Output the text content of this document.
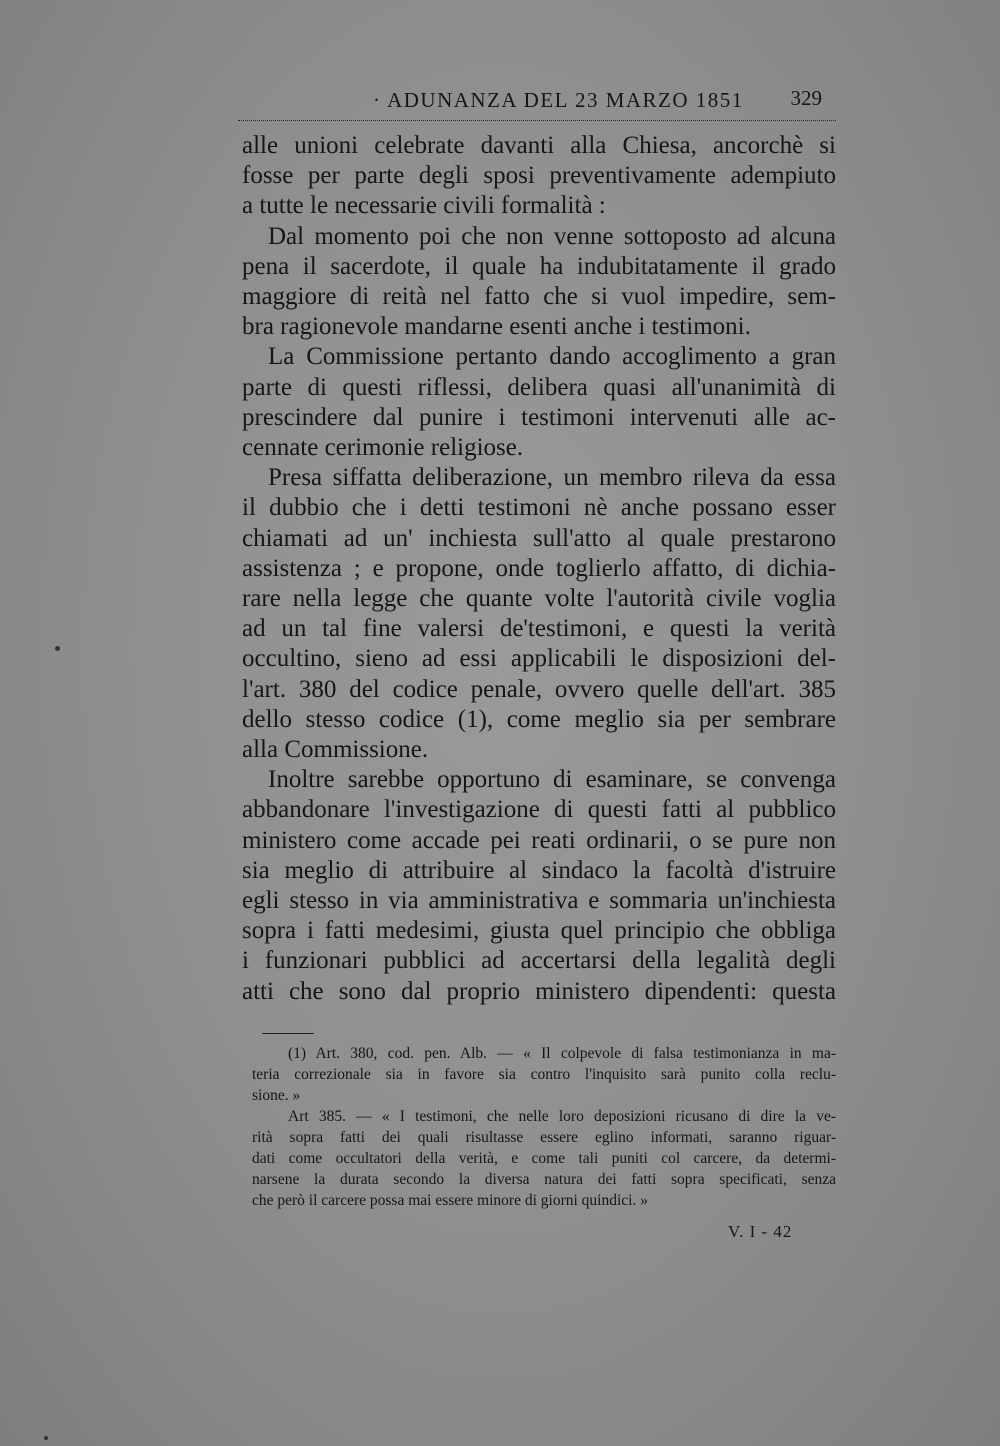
· ADUNANZA DEL 23 MARZO 1851 329
alle unioni celebrate davanti alla Chiesa, ancorchè si
fosse per parte degli sposi preventivamente adempiuto
a tutte le necessarie civili formalità :
Dal momento poi che non venne sottoposto ad alcuna
pena il sacerdote, il quale ha indubitatamente il grado
maggiore di reità nel fatto che si vuol impedire, sem-
bra ragionevole mandarne esenti anche i testimoni.
La Commissione pertanto dando accoglimento a gran
parte di questi riflessi, delibera quasi all'unanimità di
prescindere dal punire i testimoni intervenuti alle ac-
cennate cerimonie religiose.
Presa siffatta deliberazione, un membro rileva da essa
il dubbio che i detti testimoni nè anche possano esser
chiamati ad un' inchiesta sull'atto al quale prestarono
assistenza ; e propone, onde toglierlo affatto, di dichia-
rare nella legge che quante volte l'autorità civile voglia
ad un tal fine valersi de'testimoni, e questi la verità
occultino, sieno ad essi applicabili le disposizioni del-
l'art. 380 del codice penale, ovvero quelle dell'art. 385
dello stesso codice (1), come meglio sia per sembrare
alla Commissione.
Inoltre sarebbe opportuno di esaminare, se convenga
abbandonare l'investigazione di questi fatti al pubblico
ministero come accade pei reati ordinarii, o se pure non
sia meglio di attribuire al sindaco la facoltà d'istruire
egli stesso in via amministrativa e sommaria un'inchiesta
sopra i fatti medesimi, giusta quel principio che obbliga
i funzionari pubblici ad accertarsi della legalità degli
atti che sono dal proprio ministero dipendenti: questa
(1) Art. 380, cod. pen. Alb. — « Il colpevole di falsa testimonianza in ma-
teria correzionale sia in favore sia contro l'inquisito sarà punito colla reclu-
sione. »
Art 385. — « I testimoni, che nelle loro deposizioni ricusano di dire la ve-
rità sopra fatti dei quali risultasse essere eglino informati, saranno riguar-
dati come occultatori della verità, e come tali puniti col carcere, da determi-
narsene la durata secondo la diversa natura dei fatti sopra specificati, senza
che però il carcere possa mai essere minore di giorni quindici. »
V. I - 42
